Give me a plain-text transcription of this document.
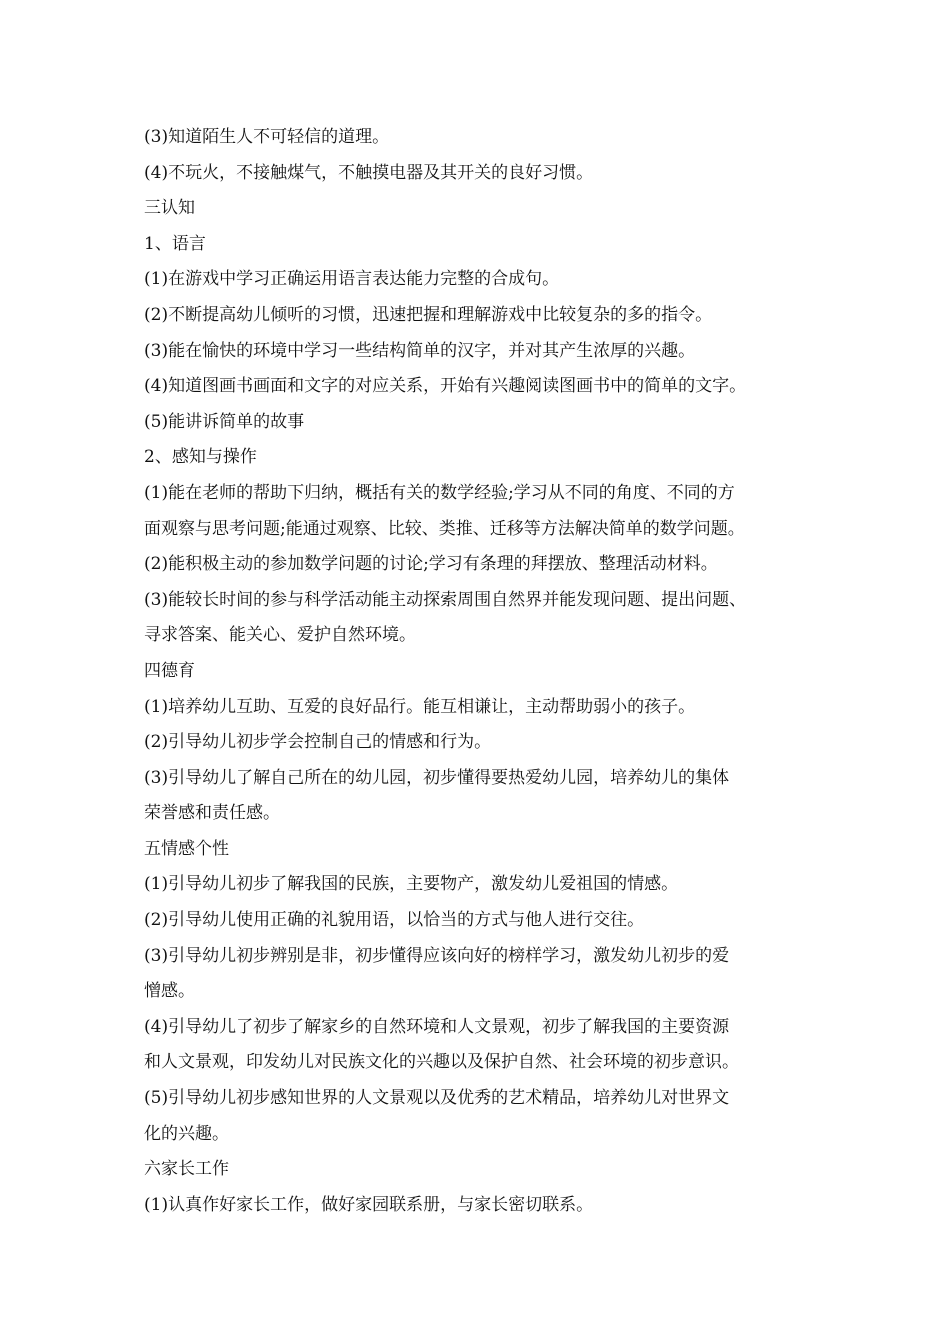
(3)知道陌生人不可轻信的道理。

(4)不玩火，不接触煤气，不触摸电器及其开关的良好习惯。

三认知

1、语言

(1)在游戏中学习正确运用语言表达能力完整的合成句。

(2)不断提高幼儿倾听的习惯，迅速把握和理解游戏中比较复杂的多的指令。

(3)能在愉快的环境中学习一些结构简单的汉字，并对其产生浓厚的兴趣。

(4)知道图画书画面和文字的对应关系，开始有兴趣阅读图画书中的简单的文字。

(5)能讲诉简单的故事

2、感知与操作

(1)能在老师的帮助下归纳，概括有关的数学经验;学习从不同的角度、不同的方

面观察与思考问题;能通过观察、比较、类推、迁移等方法解决简单的数学问题。

(2)能积极主动的参加数学问题的讨论;学习有条理的拜摆放、整理活动材料。

(3)能较长时间的参与科学活动能主动探索周围自然界并能发现问题、提出问题、

寻求答案、能关心、爱护自然环境。

四德育

(1)培养幼儿互助、互爱的良好品行。能互相谦让，主动帮助弱小的孩子。

(2)引导幼儿初步学会控制自己的情感和行为。

(3)引导幼儿了解自己所在的幼儿园，初步懂得要热爱幼儿园，培养幼儿的集体

荣誉感和责任感。

五情感个性

(1)引导幼儿初步了解我国的民族，主要物产，激发幼儿爱祖国的情感。

(2)引导幼儿使用正确的礼貌用语，以恰当的方式与他人进行交往。

(3)引导幼儿初步辨别是非，初步懂得应该向好的榜样学习，激发幼儿初步的爱

憎感。

(4)引导幼儿了初步了解家乡的自然环境和人文景观，初步了解我国的主要资源

和人文景观，印发幼儿对民族文化的兴趣以及保护自然、社会环境的初步意识。

(5)引导幼儿初步感知世界的人文景观以及优秀的艺术精品，培养幼儿对世界文

化的兴趣。

六家长工作

(1)认真作好家长工作，做好家园联系册，与家长密切联系。
